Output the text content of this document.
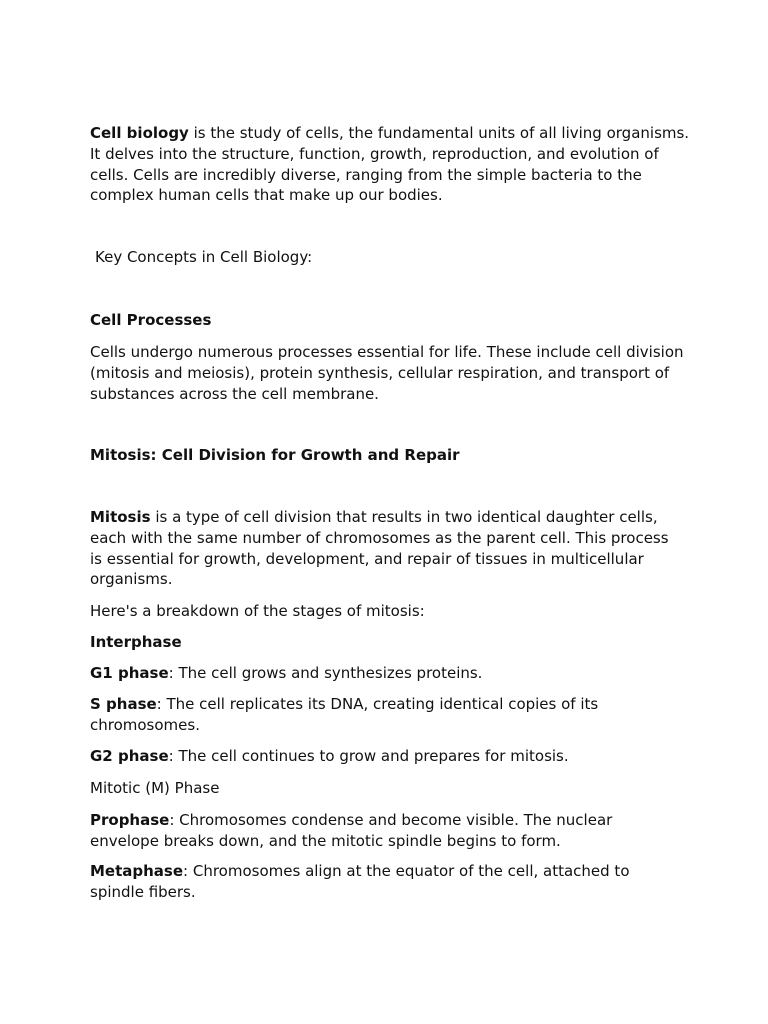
Cell biology is the study of cells, the fundamental units of all living organisms. It delves into the structure, function, growth, reproduction, and evolution of cells. Cells are incredibly diverse, ranging from the simple bacteria to the complex human cells that make up our bodies.

Key Concepts in Cell Biology:

Cell Processes

Cells undergo numerous processes essential for life. These include cell division (mitosis and meiosis), protein synthesis, cellular respiration, and transport of substances across the cell membrane.

Mitosis: Cell Division for Growth and Repair

Mitosis is a type of cell division that results in two identical daughter cells, each with the same number of chromosomes as the parent cell. This process is essential for growth, development, and repair of tissues in multicellular organisms.

Here's a breakdown of the stages of mitosis:

Interphase

G1 phase: The cell grows and synthesizes proteins.

S phase: The cell replicates its DNA, creating identical copies of its chromosomes.

G2 phase: The cell continues to grow and prepares for mitosis.

Mitotic (M) Phase

Prophase: Chromosomes condense and become visible. The nuclear envelope breaks down, and the mitotic spindle begins to form.

Metaphase: Chromosomes align at the equator of the cell, attached to spindle fibers.
